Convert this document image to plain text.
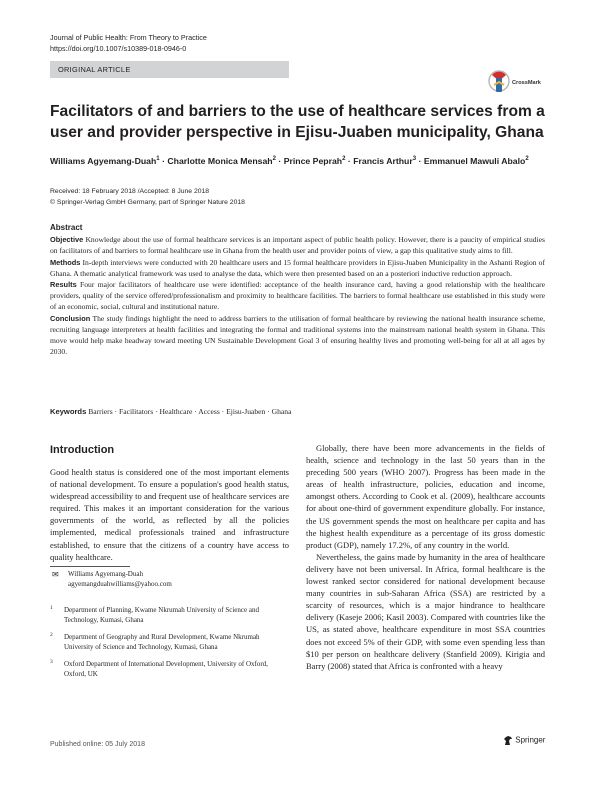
Journal of Public Health: From Theory to Practice
https://doi.org/10.1007/s10389-018-0946-0
ORIGINAL ARTICLE
CrossMark
Facilitators of and barriers to the use of healthcare services from a user and provider perspective in Ejisu-Juaben municipality, Ghana
Williams Agyemang-Duah$^1$ · Charlotte Monica Mensah$^2$ · Prince Peprah$^2$ · Francis Arthur$^3$ · Emmanuel Mawuli Abalo$^2$
Received: 18 February 2018 /Accepted: 8 June 2018
© Springer-Verlag GmbH Germany, part of Springer Nature 2018
Abstract

Objective Knowledge about the use of formal healthcare services is an important aspect of public health policy. However, there is a paucity of empirical studies on facilitators of and barriers to formal healthcare use in Ghana from the health user and provider points of view, a gap this qualitative study aims to fill.

Methods In-depth interviews were conducted with 20 healthcare users and 15 formal healthcare providers in Ejisu-Juaben Municipality in the Ashanti Region of Ghana. A thematic analytical framework was used to analyse the data, which were then presented based on an a posteriori inductive reduction approach.

Results Four major facilitators of healthcare use were identified: acceptance of the health insurance card, having a good relationship with the healthcare providers, quality of the service offered/professionalism and proximity to healthcare facilities. The barriers to formal healthcare use established in this study were of an economic, social, cultural and institutional nature.

Conclusion The study findings highlight the need to address barriers to the utilisation of formal healthcare by reviewing the national health insurance scheme, recruiting language interpreters at health facilities and integrating the formal and traditional systems into the mainstream national health system in Ghana. This move would help make headway toward meeting UN Sustainable Development Goal 3 of ensuring healthy lives and promoting well-being for all at all ages by 2030.

Keywords Barriers · Facilitators · Healthcare · Access · Ejisu-Juaben · Ghana
Introduction

Good health status is considered one of the most important elements of national development. To ensure a population's good health status, widespread accessibility to and frequent use of healthcare services are required. This makes it an important consideration for the various governments of the world, as reflected by all the policies implemented, medical professionals trained and infrastructure established, to ensure that the citizens of a country have access to quality healthcare.

Globally, there have been more advancements in the fields of health, science and technology in the last 50 years than in the preceding 500 years (WHO 2007). Progress has been made in the areas of health infrastructure, policies, education and income, amongst others. According to Cook et al. (2009), healthcare accounts for about one-third of government expenditure globally. For instance, the US government spends the most on healthcare per capita and has the highest health expenditure as a percentage of its gross domestic product (GDP), namely 17.2%, of any country in the world.

Nevertheless, the gains made by humanity in the area of healthcare delivery have not been universal. In Africa, formal healthcare is the lowest ranked sector considered for national development because many countries in sub-Saharan Africa (SSA) are restricted by a scarcity of resources, which is a major hindrance to healthcare delivery (Kaseje 2006; Kasil 2003). Compared with countries like the US, as stated above, healthcare expenditure in most SSA countries does not exceed 5% of their GDP, with some even spending less than $10 per person on healthcare delivery (Stanfield 2009). Kirigia and Barry (2008) stated that Africa is confronted with a heavy

✉ Williams Agyemang-Duah
agyemangduahwilliams@yahoo.com
1 Department of Planning, Kwame Nkrumah University of Science and Technology, Kumasi, Ghana
2 Department of Geography and Rural Development, Kwame Nkrumah University of Science and Technology, Kumasi, Ghana
3 Oxford Department of International Development, University of Oxford, Oxford, UK
Published online: 05 July 2018	Springer
